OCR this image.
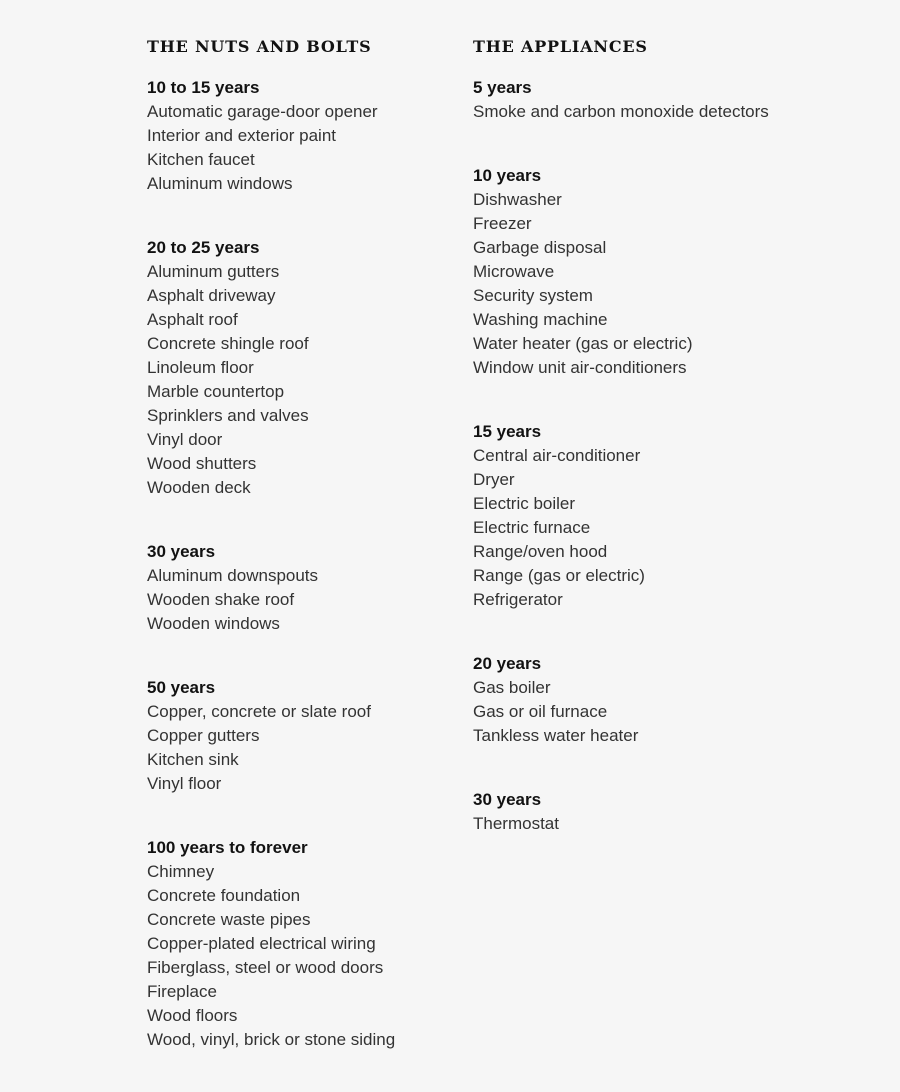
THE NUTS AND BOLTS
10 to 15 years
Automatic garage-door opener
Interior and exterior paint
Kitchen faucet
Aluminum windows
20 to 25 years
Aluminum gutters
Asphalt driveway
Asphalt roof
Concrete shingle roof
Linoleum floor
Marble countertop
Sprinklers and valves
Vinyl door
Wood shutters
Wooden deck
30 years
Aluminum downspouts
Wooden shake roof
Wooden windows
50 years
Copper, concrete or slate roof
Copper gutters
Kitchen sink
Vinyl floor
100 years to forever
Chimney
Concrete foundation
Concrete waste pipes
Copper-plated electrical wiring
Fiberglass, steel or wood doors
Fireplace
Wood floors
Wood, vinyl, brick or stone siding
THE APPLIANCES
5 years
Smoke and carbon monoxide detectors
10 years
Dishwasher
Freezer
Garbage disposal
Microwave
Security system
Washing machine
Water heater (gas or electric)
Window unit air-conditioners
15 years
Central air-conditioner
Dryer
Electric boiler
Electric furnace
Range/oven hood
Range (gas or electric)
Refrigerator
20 years
Gas boiler
Gas or oil furnace
Tankless water heater
30 years
Thermostat
